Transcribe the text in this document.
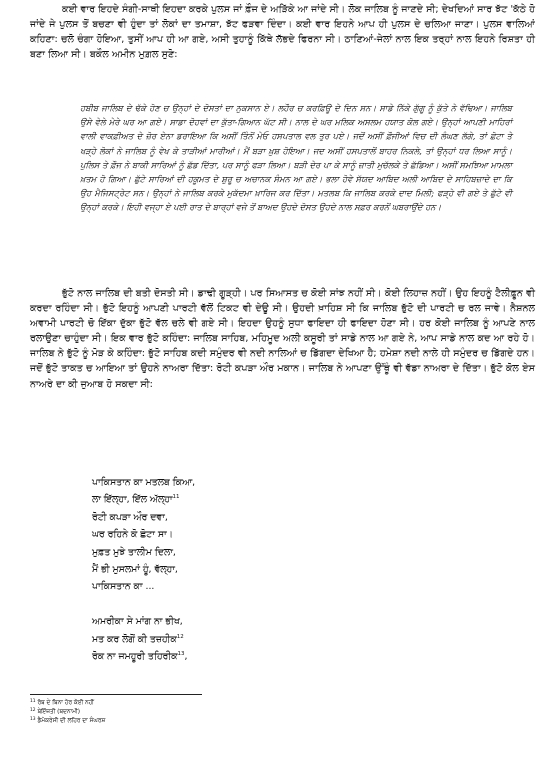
ਕਈ ਵਾਰ ਇਹਦੇ ਸੰਗੀ-ਸਾਥੀ ਇਹਦਾ ਕਰਕੇ ਪੁਲਸ ਜਾਂ ਫ਼ੌਜ ਦੇ ਅੜਿੱਕੇ ਆ ਜਾਂਦੇ ਸੀ। ਲੋਕ ਜਾਲਿਬ ਨੂੰ ਜਾਣਦੇ ਸੀ; ਦੇਖਦਿਆਂ ਸਾਰ ਝੱਟ 'ਕੱਠੇ ਹੋ ਜਾਂਦੇ ਜੇ ਪੁਲਸ ਤੋਂ ਬਚਣਾ ਵੀ ਹੁੰਦਾ ਤਾਂ ਲੋਕਾਂ ਦਾ ਤਮਾਸ਼ਾ, ਝੱਟ ਫੜਵਾ ਦਿੰਦਾ। ਕਈ ਵਾਰ ਇਹਨੇ ਆਪ ਹੀ ਪੁਲਸ ਦੇ ਚਲਿਆ ਜਾਣਾ। ਪੁਲਸ ਵਾਲਿਆਂ ਕਹਿਣਾ: ਚਲੋ ਚੰਗਾ ਹੋਇਆ, ਤੁਸੀਂ ਆਪ ਹੀ ਆ ਗਏ, ਅਸੀ ਤੁਹਾਨੂੰ ਕਿੱਥੇ ਲੱਭਦੇ ਫਿਰਨਾ ਸੀ। ਠਾਣਿਆਂ-ਜੇਲਾਂ ਨਾਲ ਇਕ ਤਰ੍ਹਾਂ ਨਾਲ ਇਹਨੇ ਰਿਸ਼ਤਾ ਹੀ ਬਣਾ ਲਿਆ ਸੀ। ਬਕੌਲ ਅਮੀਨ ਮੁਗ਼ਲ ਸੁਣੋ:

ਹਬੀਬ ਜਾਲਿਬ ਦੇ ਢੱਕੇ ਹੋਣ ਚ ਉਨ੍ਹਾਂ ਦੇ ਦੋਸਤਾਂ ਦਾ ਨੁਕਸਾਨ ਏ। ਲਹੌਰ ਚ ਕਰਫ਼ਿਊ ਦੇ ਦਿਨ ਸਨ। ਸਾਡੇ ਨਿੱਕੇ ਗੁੱਗੂ ਨੂੰ ਕੁੱਤੇ ਨੇ ਵੱਢਿਆ। ਜਾਲਿਬ ਉਸੇ ਵੇਲੇ ਮੇਰੇ ਘਰ ਆ ਗਏ। ਸਾਡਾ ਦੋਹਵਾਂ ਦਾ ਕੁੱਤਾ-ਗਿਆਨ ਘੱਟ ਸੀ। ਨਾਲ ਦੇ ਘਰ ਮਲਿਕ ਅਸਲਮ ਹਯਾਤ ਕੋਲ ਗਏ। ਉਨ੍ਹਾਂ ਆਪਣੀ ਮਾਹਿਰਾਂ ਵਾਲੀ ਵਾਕਫ਼ੀਅਤ ਦੇ ਜ਼ੋਰ ਏਨਾ ਡਰਾਇਆ ਕਿ ਅਸੀਂ ਤਿੰਨੋਂ ਮੇਓ ਹਸਪਤਾਲ ਵਲ ਤੁਰ ਪਏ। ਜਦੋਂ ਅਸੀਂ ਫ਼ੌਜੀਆਂ ਵਿਚ ਦੀ ਲੰਘਣ ਲੱਗੇ, ਤਾਂ ਛੋਟਾ ਤੇ ਖੜ੍ਹੇ ਲੋਕਾਂ ਨੇ ਜਾਲਿਬ ਨੂੰ ਵੇਖ ਕੇ ਤਾੜੀਆਂ ਮਾਰੀਆਂ। ਮੈਂ ਬੜਾ ਖ਼ੁਸ਼ ਹੋਇਆ। ਜਦ ਅਸੀਂ ਹਸਪਤਾਲੋਂ ਬਾਹਰ ਨਿਕਲੇ, ਤਾਂ ਉਨ੍ਹਾਂ ਧਰ ਲਿਆ ਸਾਨੂੰ। ਪੁਲਿਸ ਤੇ ਫ਼ੌਜ ਨੇ ਬਾਕੀ ਸਾਰਿਆਂ ਨੂੰ ਛੱਡ ਦਿੱਤਾ, ਪਰ ਸਾਨੂੰ ਫੜਾ ਲਿਆ। ਬੜੀ ਦੇਰ ਪਾ ਕੇ ਸਾਨੂੰ ਜ਼ਾਤੀ ਮੁਚੱਲਕੇ ਤੇ ਛੱਡਿਆ। ਅਸੀਂ ਸਮਝਿਆ ਮਾਮਲਾ ਖ਼ਤਮ ਹੋ ਗਿਆ। ਛੁੱਟੇ ਸਾਰਿਆਂ ਦੀ ਹਕੂਮਤ ਦੇ ਸ਼ੁਰੂ ਚ ਅਚਾਨਕ ਸੰਮਨ ਆ ਗਏ। ਭਲਾ ਹੋਵੇ ਸੱਯਦ ਆਬਿਦ ਅਲੀ ਆਬਿਦ ਦੇ ਸਾਹਿਬਜ਼ਾਦੇ ਦਾ ਕਿ ਉਹ ਮੈਜਿਸਟ੍ਰੇਟ ਸਨ। ਉਨ੍ਹਾਂ ਨੇ ਜਾਲਿਬ ਕਰਕੇ ਮੁਕੱਦਮਾ ਖ਼ਾਰਿਜ ਕਰ ਦਿੱਤਾ। ਮਤਲਬ ਕਿ ਜਾਲਿਬ ਕਰਕੇ ਦਾਦ ਮਿਲੀ; ਫੜ੍ਹੇ ਵੀ ਗਏ ਤੇ ਛੁੱਟੇ ਵੀ ਉਨ੍ਹਾਂ ਕਰਕੇ। ਇਹੀ ਵਜ੍ਹਾ ਏ ਪਈ ਰਾਤ ਦੇ ਬਾਰ੍ਹਾਂ ਵਜੇ ਤੋਂ ਬਾਅਦ ਉਹਦੇ ਦੋਸਤ ਉਹਦੇ ਨਾਲ ਸਫ਼ਰ ਕਰਨੋਂ ਘਬਰਾਉਂਦੇ ਹਨ।

ਭੁੱਟੋ ਨਾਲ ਜਾਲਿਬ ਦੀ ਬਤੀ ਦੋਸਤੀ ਸੀ। ਡਾਢੀ ਗੂੜ੍ਹੀ। ਪਰ ਸਿਆਸਤ ਚ ਕੋਈ ਸਾਂਝ ਨਹੀਂ ਸੀ। ਕੋਈ ਲਿਹਾਜ਼ ਨਹੀਂ। ਉਹ ਇਹਨੂੰ ਟੈਲੀਫ਼ੂਨ ਵੀ ਕਰਦਾ ਰਹਿੰਦਾ ਸੀ। ਭੁੱਟੋ ਇਹਨੂੰ ਆਪਣੀ ਪਾਰਟੀ ਵੱਲੋਂ ਟਿਕਟ ਵੀ ਦੇਊ ਸੀ। ਉਹਦੀ ਖ਼ਾਹਿਸ਼ ਸੀ ਕਿ ਜਾਲਿਬ ਭੁੱਟੋ ਦੀ ਪਾਰਟੀ ਚ ਰਲ ਜਾਵੇ। ਨੈਸ਼ਨਲ ਅਵਾਮੀ ਪਾਰਟੀ ਚੋ ਇੱਕਾ ਦੁੱਕਾ ਭੁੱਟੋ ਵੱਲ ਚਲੇ ਵੀ ਗਏ ਸੀ। ਇਹਦਾ ਉਹਨੂੰ ਸੁਧਾ ਫਾਇਦਾ ਹੀ ਫਾਇਦਾ ਹੋਣਾ ਸੀ। ਹਰ ਕੋਈ ਜਾਲਿਬ ਨੂੰ ਆਪਣੇ ਨਾਲ ਰਲਾਉਣਾ ਚਾਹੁੰਦਾ ਸੀ। ਇਕ ਵਾਰ ਭੁੱਟੋ ਕਹਿੰਦਾ: ਜਾਲਿਬ ਸਾਹਿਬ, ਮਹਿਮੂਦ ਅਲੀ ਕਸੂਰੀ ਤਾਂ ਸਾਡੇ ਨਾਲ ਆ ਗਏ ਨੇ, ਆਪ ਸਾਡੇ ਨਾਲ ਕਦ ਆ ਰਹੇ ਹੋ। ਜਾਲਿਬ ਨੇ ਭੁੱਟੋ ਨੂੰ ਮੋੜ ਕੇ ਕਹਿੰਦਾ: ਭੁੱਟੋ ਸਾਹਿਬ ਕਦੀ ਸਮੁੰਦਰ ਵੀ ਨਦੀ ਨਾਲਿਆਂ ਚ ਡਿੱਗਦਾ ਦੇਖਿਆ ਹੈ; ਹਮੇਸ਼ਾ ਨਦੀ ਨਾਲੇ ਹੀ ਸਮੁੰਦਰ ਚ ਡਿੱਗਦੇ ਹਨ। ਜਦੋਂ ਭੁੱਟੋ ਤਾਕਤ ਚ ਆਇਆ ਤਾਂ ਉਹਨੇ ਨਾਅਰਾ ਦਿੱਤਾ: ਰੋਟੀ ਕਪੜਾ ਔਰ ਮਕਾਨ। ਜਾਲਿਬ ਨੇ ਆਪਣਾ ਉੱਥੂੰ ਵੀ ਵੱਡਾ ਨਾਅਰਾ ਦੇ ਦਿੱਤਾ। ਭੁੱਟੋ ਕੋਲ ਏਸ ਨਾਅਰੇ ਦਾ ਕੀ ਜੁਆਬ ਹੋ ਸਕਦਾ ਸੀ:

ਪਾਕਿਸਤਾਨ ਕਾ ਮਤਲਬ ਕਿਆ,
ਲਾ ਇੱਲ੍ਹਾ, ਇੱਲ ਅੱਲ੍ਹਾ$^{11}$
ਰੋਟੀ ਕਪੜਾ ਔਰ ਦਵਾ,
ਘਰ ਰਹਿਨੇ ਕੋ ਛੋਟਾ ਸਾ।
ਮੁਫ਼ਤ ਮੁਝੇ ਤਾਲੀਮ ਦਿਲਾ,
ਮੈਂ ਭੀ ਮੁਸਲਮਾਂ ਹੂੰ, ਵੱਲ੍ਹਾ,
ਪਾਕਿਸਤਾਨ ਕਾ ...
ਅਮਰੀਕਾ ਸੇ ਮਾਂਗ ਨਾ ਭੀਖ,
ਮਤ ਕਰ ਲੋਗੋਂ ਕੀ ਤਜ਼ਹੀਕ$^{12}$
ਰੋਕ ਨਾ ਜਮਹੂਰੀ ਤਹਿਰੀਕ$^{13}$,
$^{11}$ ਰੱਬ ਦੇ ਬਿਨਾ ਹੋਰ ਕੋਈ ਨਹੀਂ
$^{12}$ ਬੇਇੱਜ਼ਤੀ (ਬਦਨਾਮੀ)
$^{13}$ ਡੈਮੋਕਰੇਸੀ ਦੀ ਲਹਿਰ ਦਾ ਸੰਘਰਸ਼
